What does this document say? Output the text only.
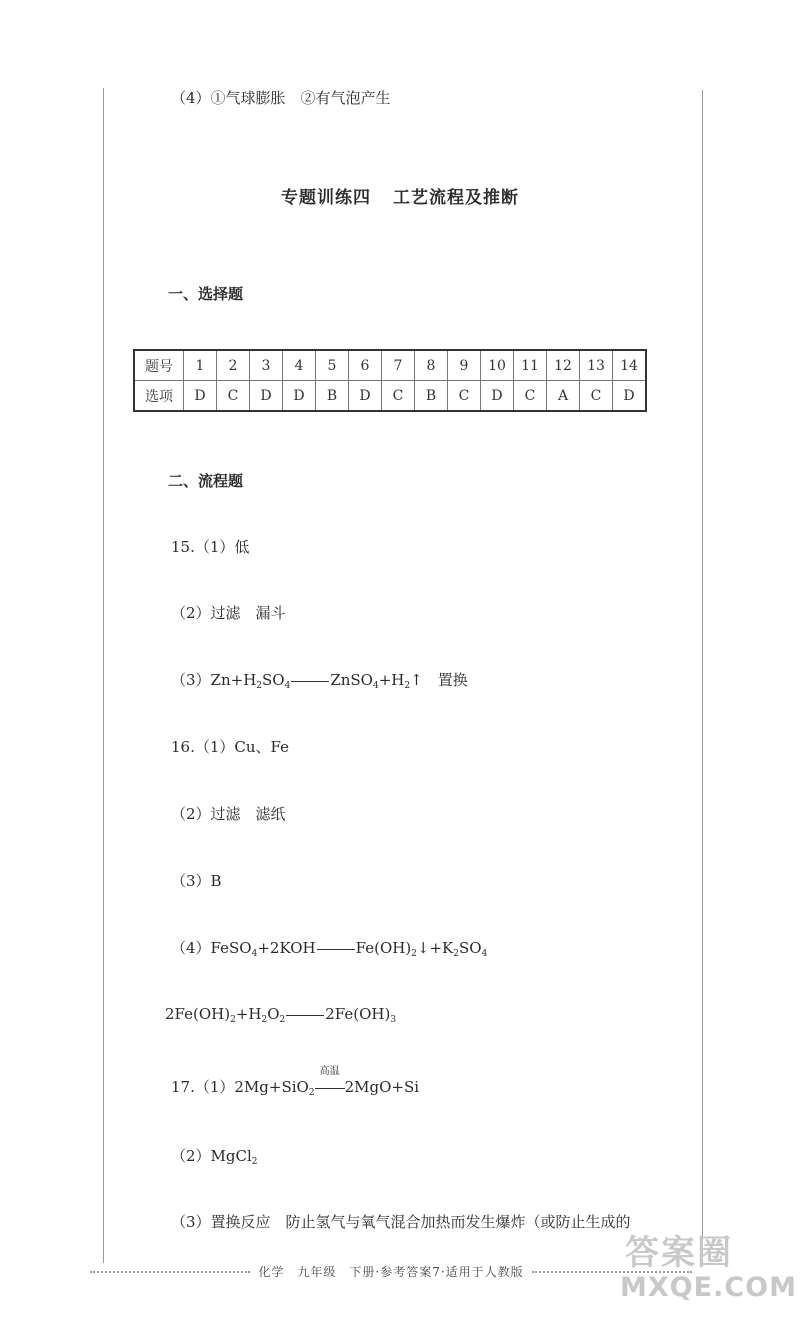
（4）①气球膨胀　②有气泡产生
专题训练四 工艺流程及推断
一、选择题
题号	1	2	3	4	5	6	7	8	9	10	11	12	13	14
选项	D	C	D	D	B	D	C	B	C	D	C	A	C	D
二、流程题
15.（1）低
（2）过滤　漏斗
$(3)Zn+H_2SO_4$	$ZnSO_4+H_2↑$　 置换
16.（1）Cu、Fe
（2）过滤　滤纸
（3）B
（4）FeSO$_4$+2KOH	$Fe(OH)_2↓+K_2SO_4$
$2Fe(OH)_2+H_2O_2$	$2Fe(OH)_3$
17.（1）2Mg+SiO$_2$
高温
2MgO+Si
（2）MgCl$_2$
（3）置换反应　防止氢气与氧气混合加热而发生爆炸（或防止生成的
化学　九年级　下册·参考答案7·适用于人教版	答案圈
MXQE.COM
